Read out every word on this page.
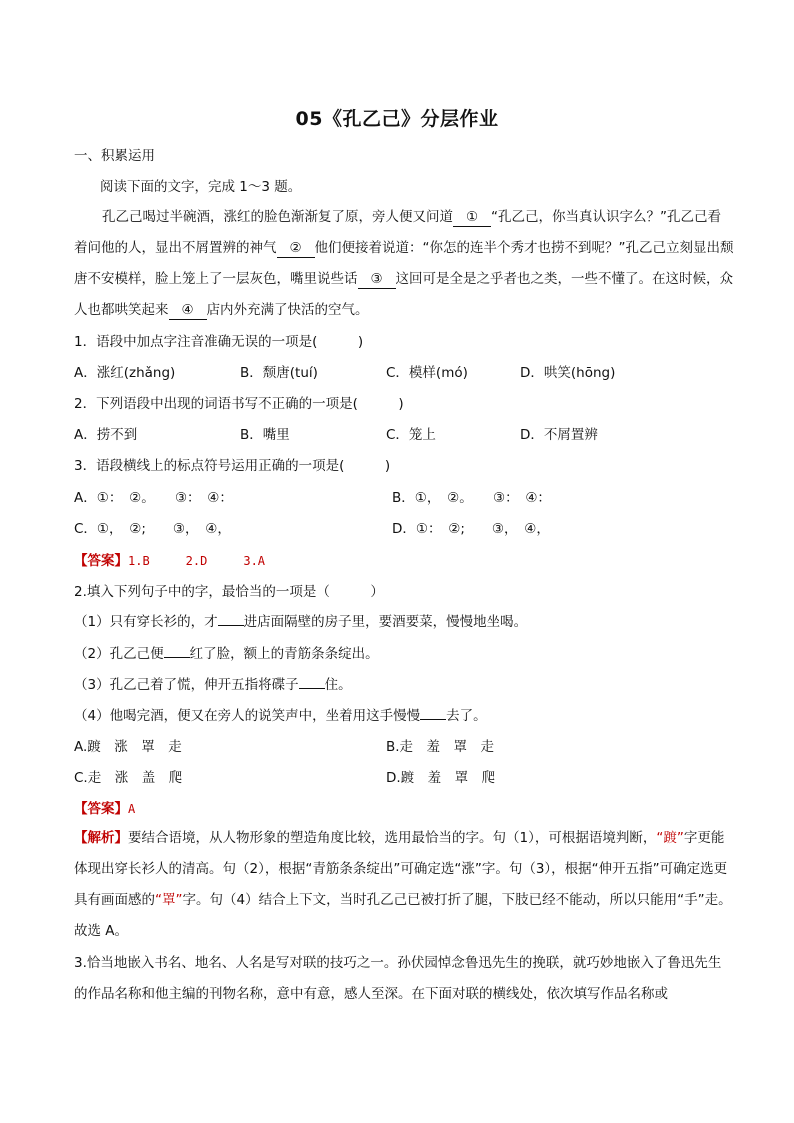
05《孔乙己》分层作业
一、积累运用
阅读下面的文字，完成 1～3 题。
孔乙己喝过半碗酒，涨红的脸色渐渐复了原，旁人便又问道 ① “孔乙己，你当真认识字么？”孔乙己看着问他的人，显出不屑置辨的神气 ② 他们便接着说道：“你怎的连半个秀才也捞不到呢？”孔乙己立刻显出颓唐不安模样，脸上笼上了一层灰色，嘴里说些话 ③ 这回可是全是之乎者也之类，一些不懂了。在这时候，众人也都哄笑起来 ④ 店内外充满了快活的空气。
1．语段中加点字注音准确无误的一项是(　　　)
A．涨红(zhǎng)	B．颓唐(tuí)	C．模样(mó)	D．哄笑(hōng)
2．下列语段中出现的词语书写不正确的一项是(　　　)
A．捞不到	B．嘴里	C．笼上	D．不屑置辨
3．语段横线上的标点符号运用正确的一项是(　　　)
A．①：　②。　　③：　④：	B．①，　②。　　③：　④：
C．①，　②;　　③，　④，	D．①：　②;　　③，　④，
【答案】1.B　　　2.D　　　3.A
2.填入下列句子中的字，最恰当的一项是（　　　）
（1）只有穿长衫的，才 进店面隔壁的房子里，要酒要菜，慢慢地坐喝。
（2）孔乙己便 红了脸，额上的青筋条条绽出。
（3）孔乙己着了慌，伸开五指将碟子 住。
（4）他喝完酒，便又在旁人的说笑声中，坐着用这手慢慢 去了。
A.踱　涨　罩　走	B.走　羞　罩　走
C.走　涨　盖　爬	D.踱　羞　罩　爬
【答案】A
【解析】要结合语境，从人物形象的塑造角度比较，选用最恰当的字。句（1），可根据语境判断，“踱”字更能体现出穿长衫人的清高。句（2），根据“青筋条条绽出”可确定选“涨”字。句（3），根据“伸开五指”可确定选更具有画面感的“罩”字。句（4）结合上下文，当时孔乙己已被打折了腿，下肢已经不能动，所以只能用“手”走。故选 A。
3.恰当地嵌入书名、地名、人名是写对联的技巧之一。孙伏园悼念鲁迅先生的挽联，就巧妙地嵌入了鲁迅先生的作品名称和他主编的刊物名称，意中有意，感人至深。在下面对联的横线处，依次填写作品名称或
